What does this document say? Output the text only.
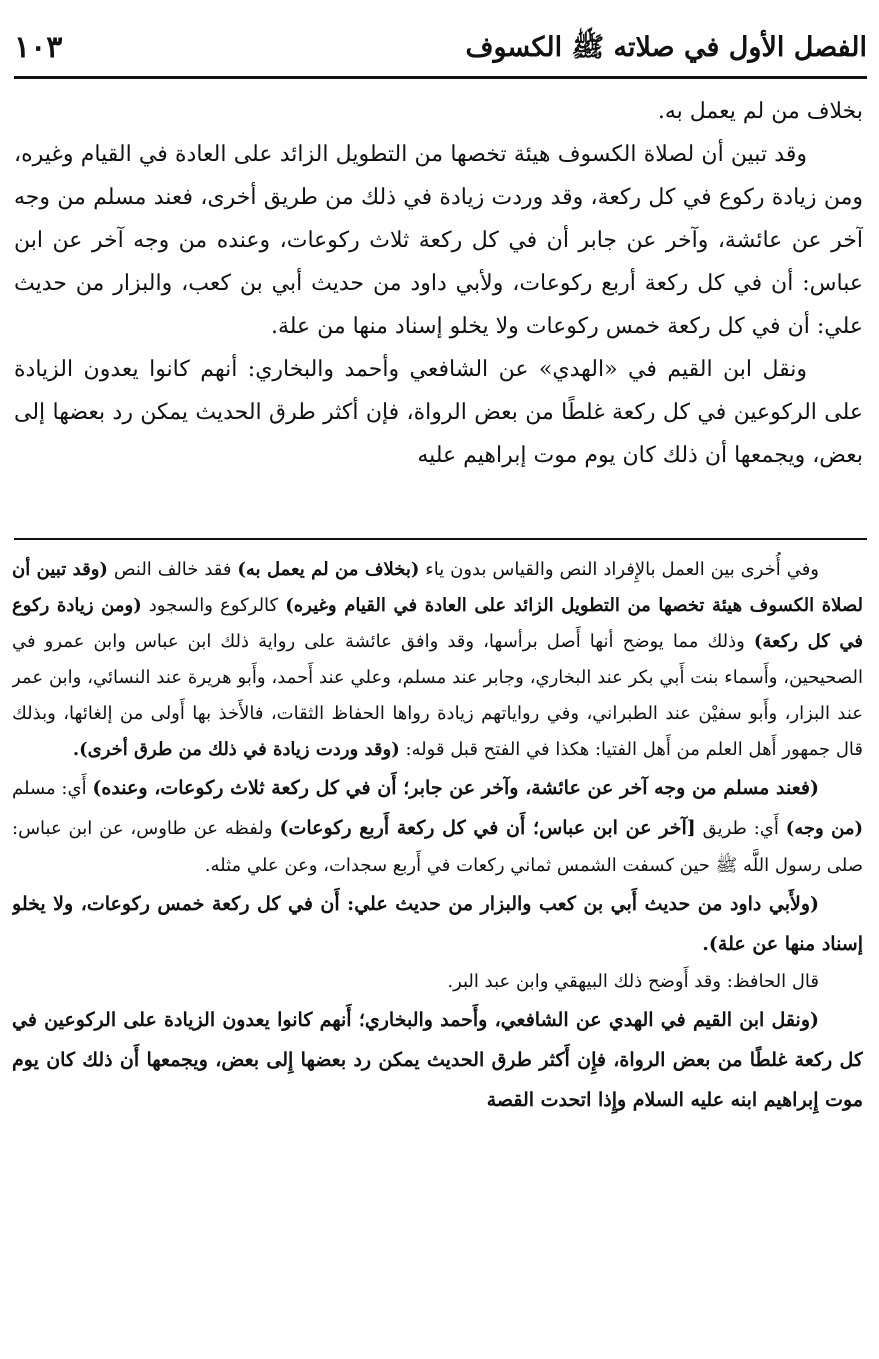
الفصل الأول في صلاته ﷺ الكسوف
١٠٣

بخلاف من لم يعمل به.

وقد تبين أن لصلاة الكسوف هيئة تخصها من التطويل الزائد على العادة في القيام وغيره، ومن زيادة ركوع في كل ركعة، وقد وردت زيادة في ذلك من طريق أخرى، فعند مسلم من وجه آخر عن عائشة، وآخر عن جابر أن في كل ركعة ثلاث ركوعات، وعنده من وجه آخر عن ابن عباس: أن في كل ركعة أربع ركوعات، ولأبي داود من حديث أبي بن كعب، والبزار من حديث علي: أن في كل ركعة خمس ركوعات ولا يخلو إسناد منها من علة.

ونقل ابن القيم في «الهدي» عن الشافعي وأحمد والبخاري: أنهم كانوا يعدون الزيادة على الركوعين في كل ركعة غلطًا من بعض الرواة، فإن أكثر طرق الحديث يمكن رد بعضها إلى بعض، ويجمعها أن ذلك كان يوم موت إبراهيم عليه

وفي أُخرى بين العمل بالإِفراد النص والقياس بدون ياء (بخلاف من لم يعمل به) فقد خالف النص (وقد تبين أن لصلاة الكسوف هيئة تخصها من التطويل الزائد على العادة في القيام وغيره) كالركوع والسجود (ومن زيادة ركوع في كل ركعة) وذلك مما يوضح أنها أَصل برأسها، وقد وافق عائشة على رواية ذلك ابن عباس وابن عمرو في الصحيحين، وأَسماء بنت أَبي بكر عند البخاري، وجابر عند مسلم، وعلي عند أَحمد، وأَبو هريرة عند النسائي، وابن عمر عند البزار، وأَبو سفيْن عند الطبراني، وفي رواياتهم زيادة رواها الحفاظ الثقات، فالأَخذ بها أَولى من إلغائها، وبذلك قال جمهور أَهل العلم من أَهل الفتيا: هكذا في الفتح قبل قوله: (وقد وردت زيادة في ذلك من طرق أخرى).

(فعند مسلم من وجه آخر عن عائشة، وآخر عن جابر؛ أَن في كل ركعة ثلاث ركوعات، وعنده) أَي: مسلم (من وجه) أَي: طريق [آخر عن ابن عباس؛ أَن في كل ركعة أَربع ركوعات) ولفظه عن طاوس، عن ابن عباس: صلى رسول اللَّه ﷺ حين كسفت الشمس ثماني ركعات في أَربع سجدات، وعن علي مثله.

(ولأَبي داود من حديث أَبي بن كعب والبزار من حديث علي: أَن في كل ركعة خمس ركوعات، ولا يخلو إسناد منها عن علة).

قال الحافظ: وقد أَوضح ذلك البيهقي وابن عبد البر.

(ونقل ابن القيم في الهدي عن الشافعي، وأَحمد والبخاري؛ أَنهم كانوا يعدون الزيادة على الركوعين في كل ركعة غلطًا من بعض الرواة، فإِن أَكثر طرق الحديث يمكن رد بعضها إِلى بعض، ويجمعها أَن ذلك كان يوم موت إِبراهيم ابنه عليه السلام وإِذا اتحدت القصة
